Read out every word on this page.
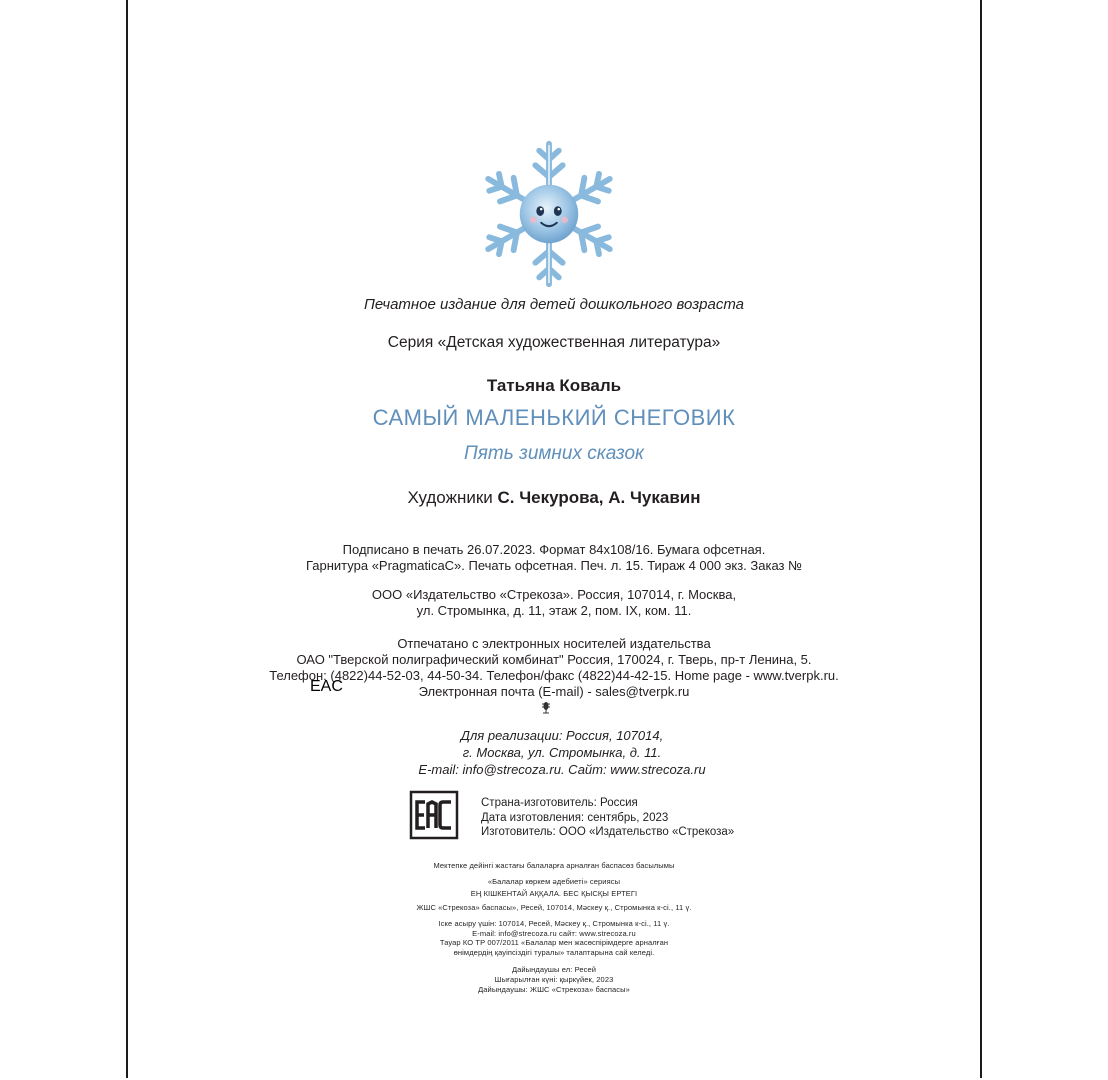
Печатное издание для детей дошкольного возраста
Серия «Детская художественная литература»
Татьяна Коваль
САМЫЙ МАЛЕНЬКИЙ СНЕГОВИК
Пять зимних сказок
Художники С. Чекурова, А. Чукавин
Подписано в печать 26.07.2023. Формат 84x108/16. Бумага офсетная.
Гарнитура «PragmaticaC». Печать офсетная. Печ. л. 15. Тираж 4 000 экз. Заказ №
ООО «Издательство «Стрекоза». Россия, 107014, г. Москва,
ул. Стромынка, д. 11, этаж 2, пом. IX, ком. 11.
Отпечатано с электронных носителей издательства
ОАО "Тверской полиграфический комбинат" Россия, 170024, г. Тверь, пр-т Ленина, 5.
Телефон: (4822)44-52-03, 44-50-34. Телефон/факс (4822)44-42-15. Home page - www.tverpk.ru.
Электронная почта (E-mail) - sales@tverpk.ru
Для реализации: Россия, 107014,
г. Москва, ул. Стромынка, д. 11.
E-mail: info@strecoza.ru. Сайт: www.strecoza.ru
EAC
Страна-изготовитель: Россия
Дата изготовления: сентябрь, 2023
Изготовитель: ООО «Издательство «Стрекоза»
Мектепке дейінгі жастағы балаларға арналған баспасөз басылымы
«Балалар көркем әдебиеті» сериясы
ЕҢ КІШКЕНТАЙ АҚҚАЛА. БЕС ҚЫСҚЫ ЕРТЕГІ
ЖШС «Стрекоза» баспасы», Ресей, 107014, Мәскеу қ., Стромынка к-сі., 11 ү.
Іске асыру үшін: 107014, Ресей, Мәскеу қ., Стромынка к-сі., 11 ү.
E-mail: info@strecoza.ru сайт: www.strecoza.ru
Тауар КО ТР 007/2011 «Балалар мен жасөспірімдерге арналған
өнімдердің қауіпсіздігі туралы» талаптарына сай келеді.
Дайындаушы ел: Ресей
Шығарылған күні: қыркүйек, 2023
Дайындаушы: ЖШС «Стрекоза» баспасы»
